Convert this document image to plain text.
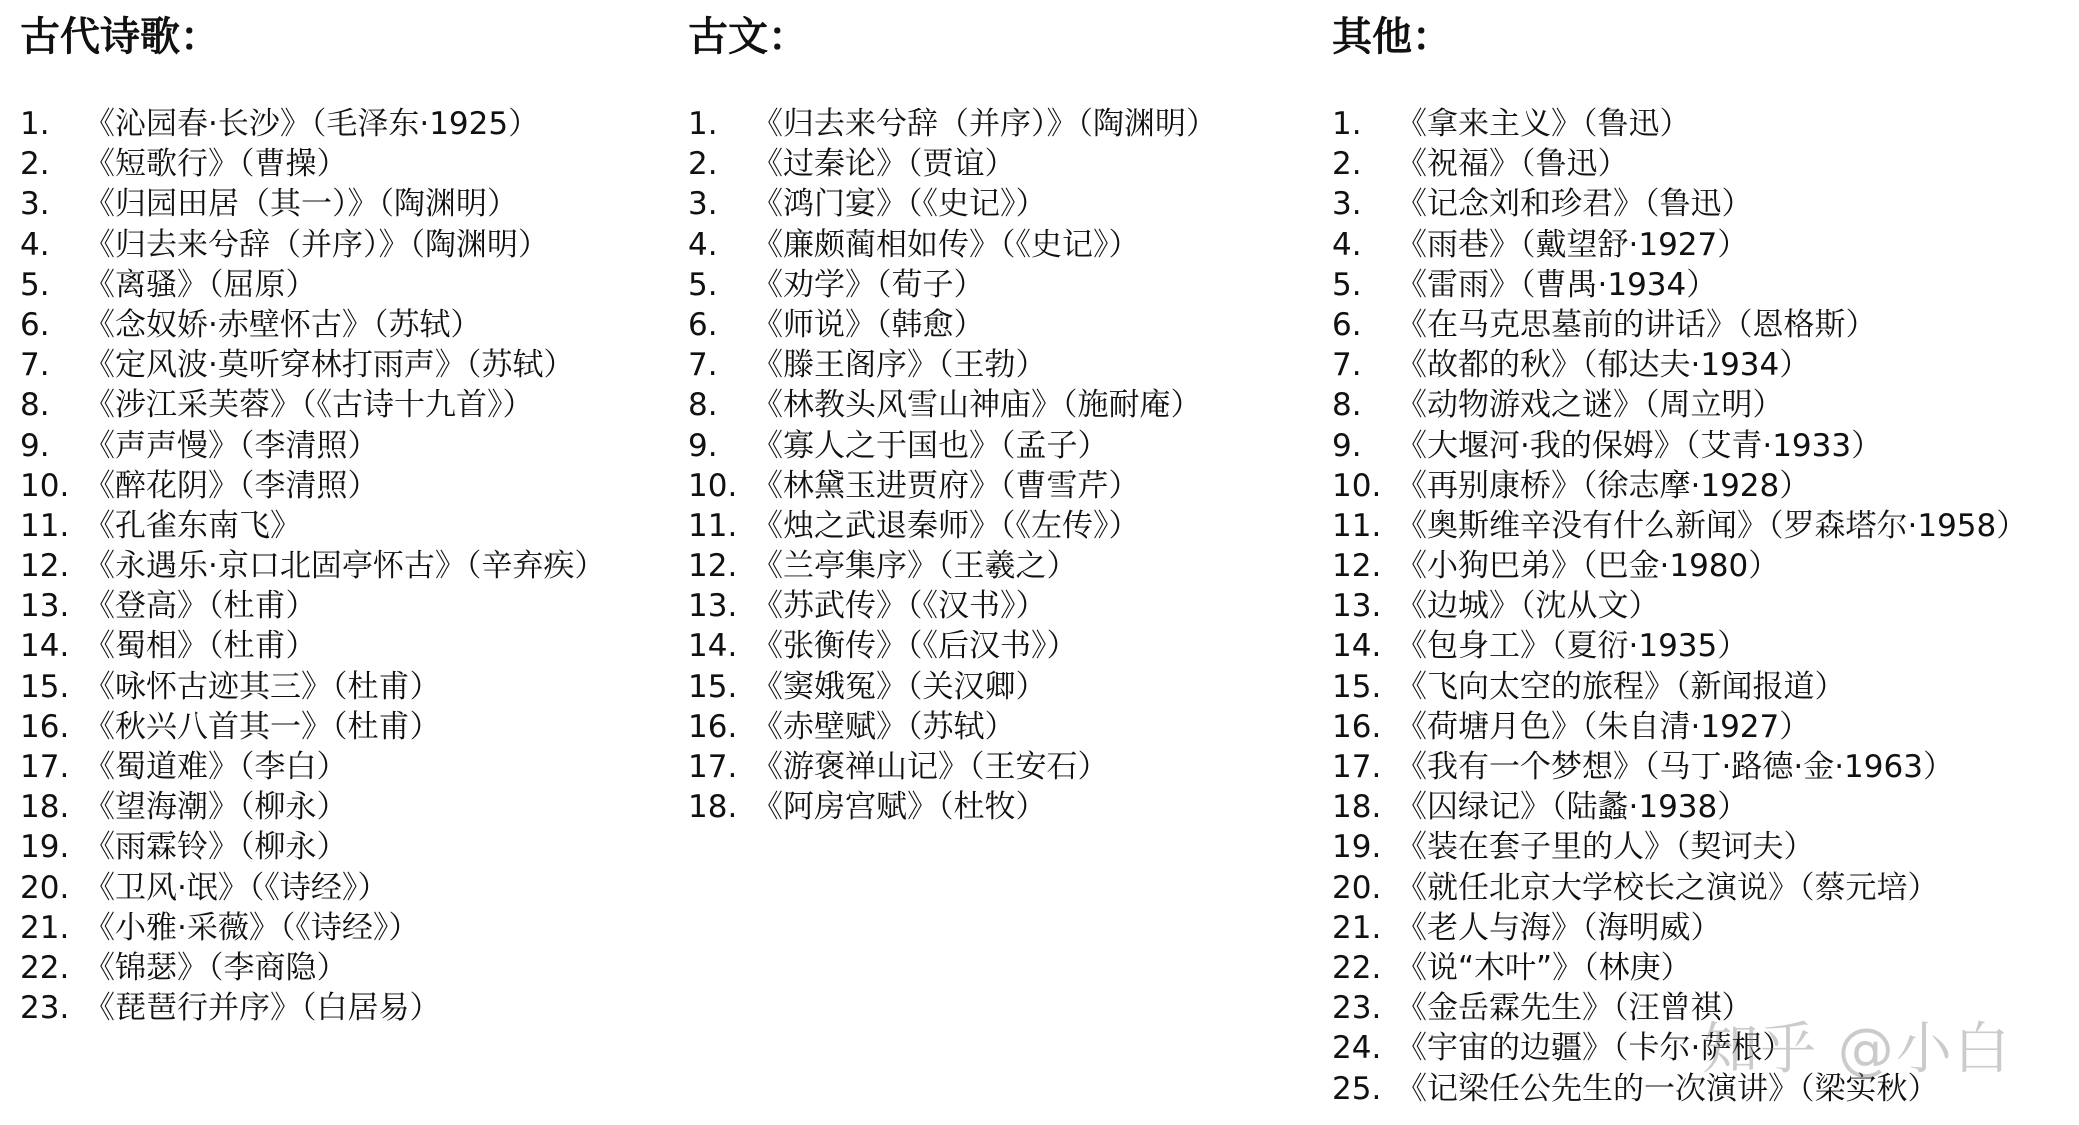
古代诗歌：
1.	《沁园春·长沙》（毛泽东·1925）
2.	《短歌行》（曹操）
3.	《归园田居（其一）》（陶渊明）
4.	《归去来兮辞（并序）》（陶渊明）
5.	《离骚》（屈原）
6.	《念奴娇·赤壁怀古》（苏轼）
7.	《定风波·莫听穿林打雨声》（苏轼）
8.	《涉江采芙蓉》（《古诗十九首》）
9.	《声声慢》（李清照）
10. 《醉花阴》（李清照）
11. 《孔雀东南飞》
12. 《永遇乐·京口北固亭怀古》（辛弃疾）
13. 《登高》（杜甫）
14. 《蜀相》（杜甫）
15. 《咏怀古迹其三》（杜甫）
16. 《秋兴八首其一》（杜甫）
17. 《蜀道难》（李白）
18. 《望海潮》（柳永）
19. 《雨霖铃》（柳永）
20. 《卫风·氓》（《诗经》）
21. 《小雅·采薇》（《诗经》）
22. 《锦瑟》（李商隐）
23. 《琵琶行并序》（白居易）
古文：
1.	《归去来兮辞（并序）》（陶渊明）
2.	《过秦论》（贾谊）
3.	《鸿门宴》（《史记》）
4.	《廉颇蔺相如传》（《史记》）
5.	《劝学》（荀子）
6.	《师说》（韩愈）
7.	《滕王阁序》（王勃）
8.	《林教头风雪山神庙》（施耐庵）
9.	《寡人之于国也》（孟子）
10. 《林黛玉进贾府》（曹雪芹）
11. 《烛之武退秦师》（《左传》）
12. 《兰亭集序》（王羲之）
13. 《苏武传》（《汉书》）
14. 《张衡传》（《后汉书》）
15. 《窦娥冤》（关汉卿）
16. 《赤壁赋》（苏轼）
17. 《游褒禅山记》（王安石）
18. 《阿房宫赋》（杜牧）
其他：
1.	《拿来主义》（鲁迅）
2.	《祝福》（鲁迅）
3.	《记念刘和珍君》（鲁迅）
4.	《雨巷》（戴望舒·1927）
5.	《雷雨》（曹禺·1934）
6.	《在马克思墓前的讲话》（恩格斯）
7.	《故都的秋》（郁达夫·1934）
8.	《动物游戏之谜》（周立明）
9.	《大堰河·我的保姆》（艾青·1933）
10. 《再别康桥》（徐志摩·1928）
11. 《奥斯维辛没有什么新闻》（罗森塔尔·1958）
12. 《小狗巴弟》（巴金·1980）
13. 《边城》（沈从文）
14. 《包身工》（夏衍·1935）
15. 《飞向太空的旅程》（新闻报道）
16. 《荷塘月色》（朱自清·1927）
17. 《我有一个梦想》（马丁·路德·金·1963）
18. 《囚绿记》（陆蠡·1938）
19. 《装在套子里的人》（契诃夫）
20. 《就任北京大学校长之演说》（蔡元培）
21. 《老人与海》（海明威）
22. 《说“木叶”》（林庚）
23. 《金岳霖先生》（汪曾祺）
24. 《宇宙的边疆》（卡尔·萨根）
25. 《记梁任公先生的一次演讲》（梁实秋）
知乎 @小白
